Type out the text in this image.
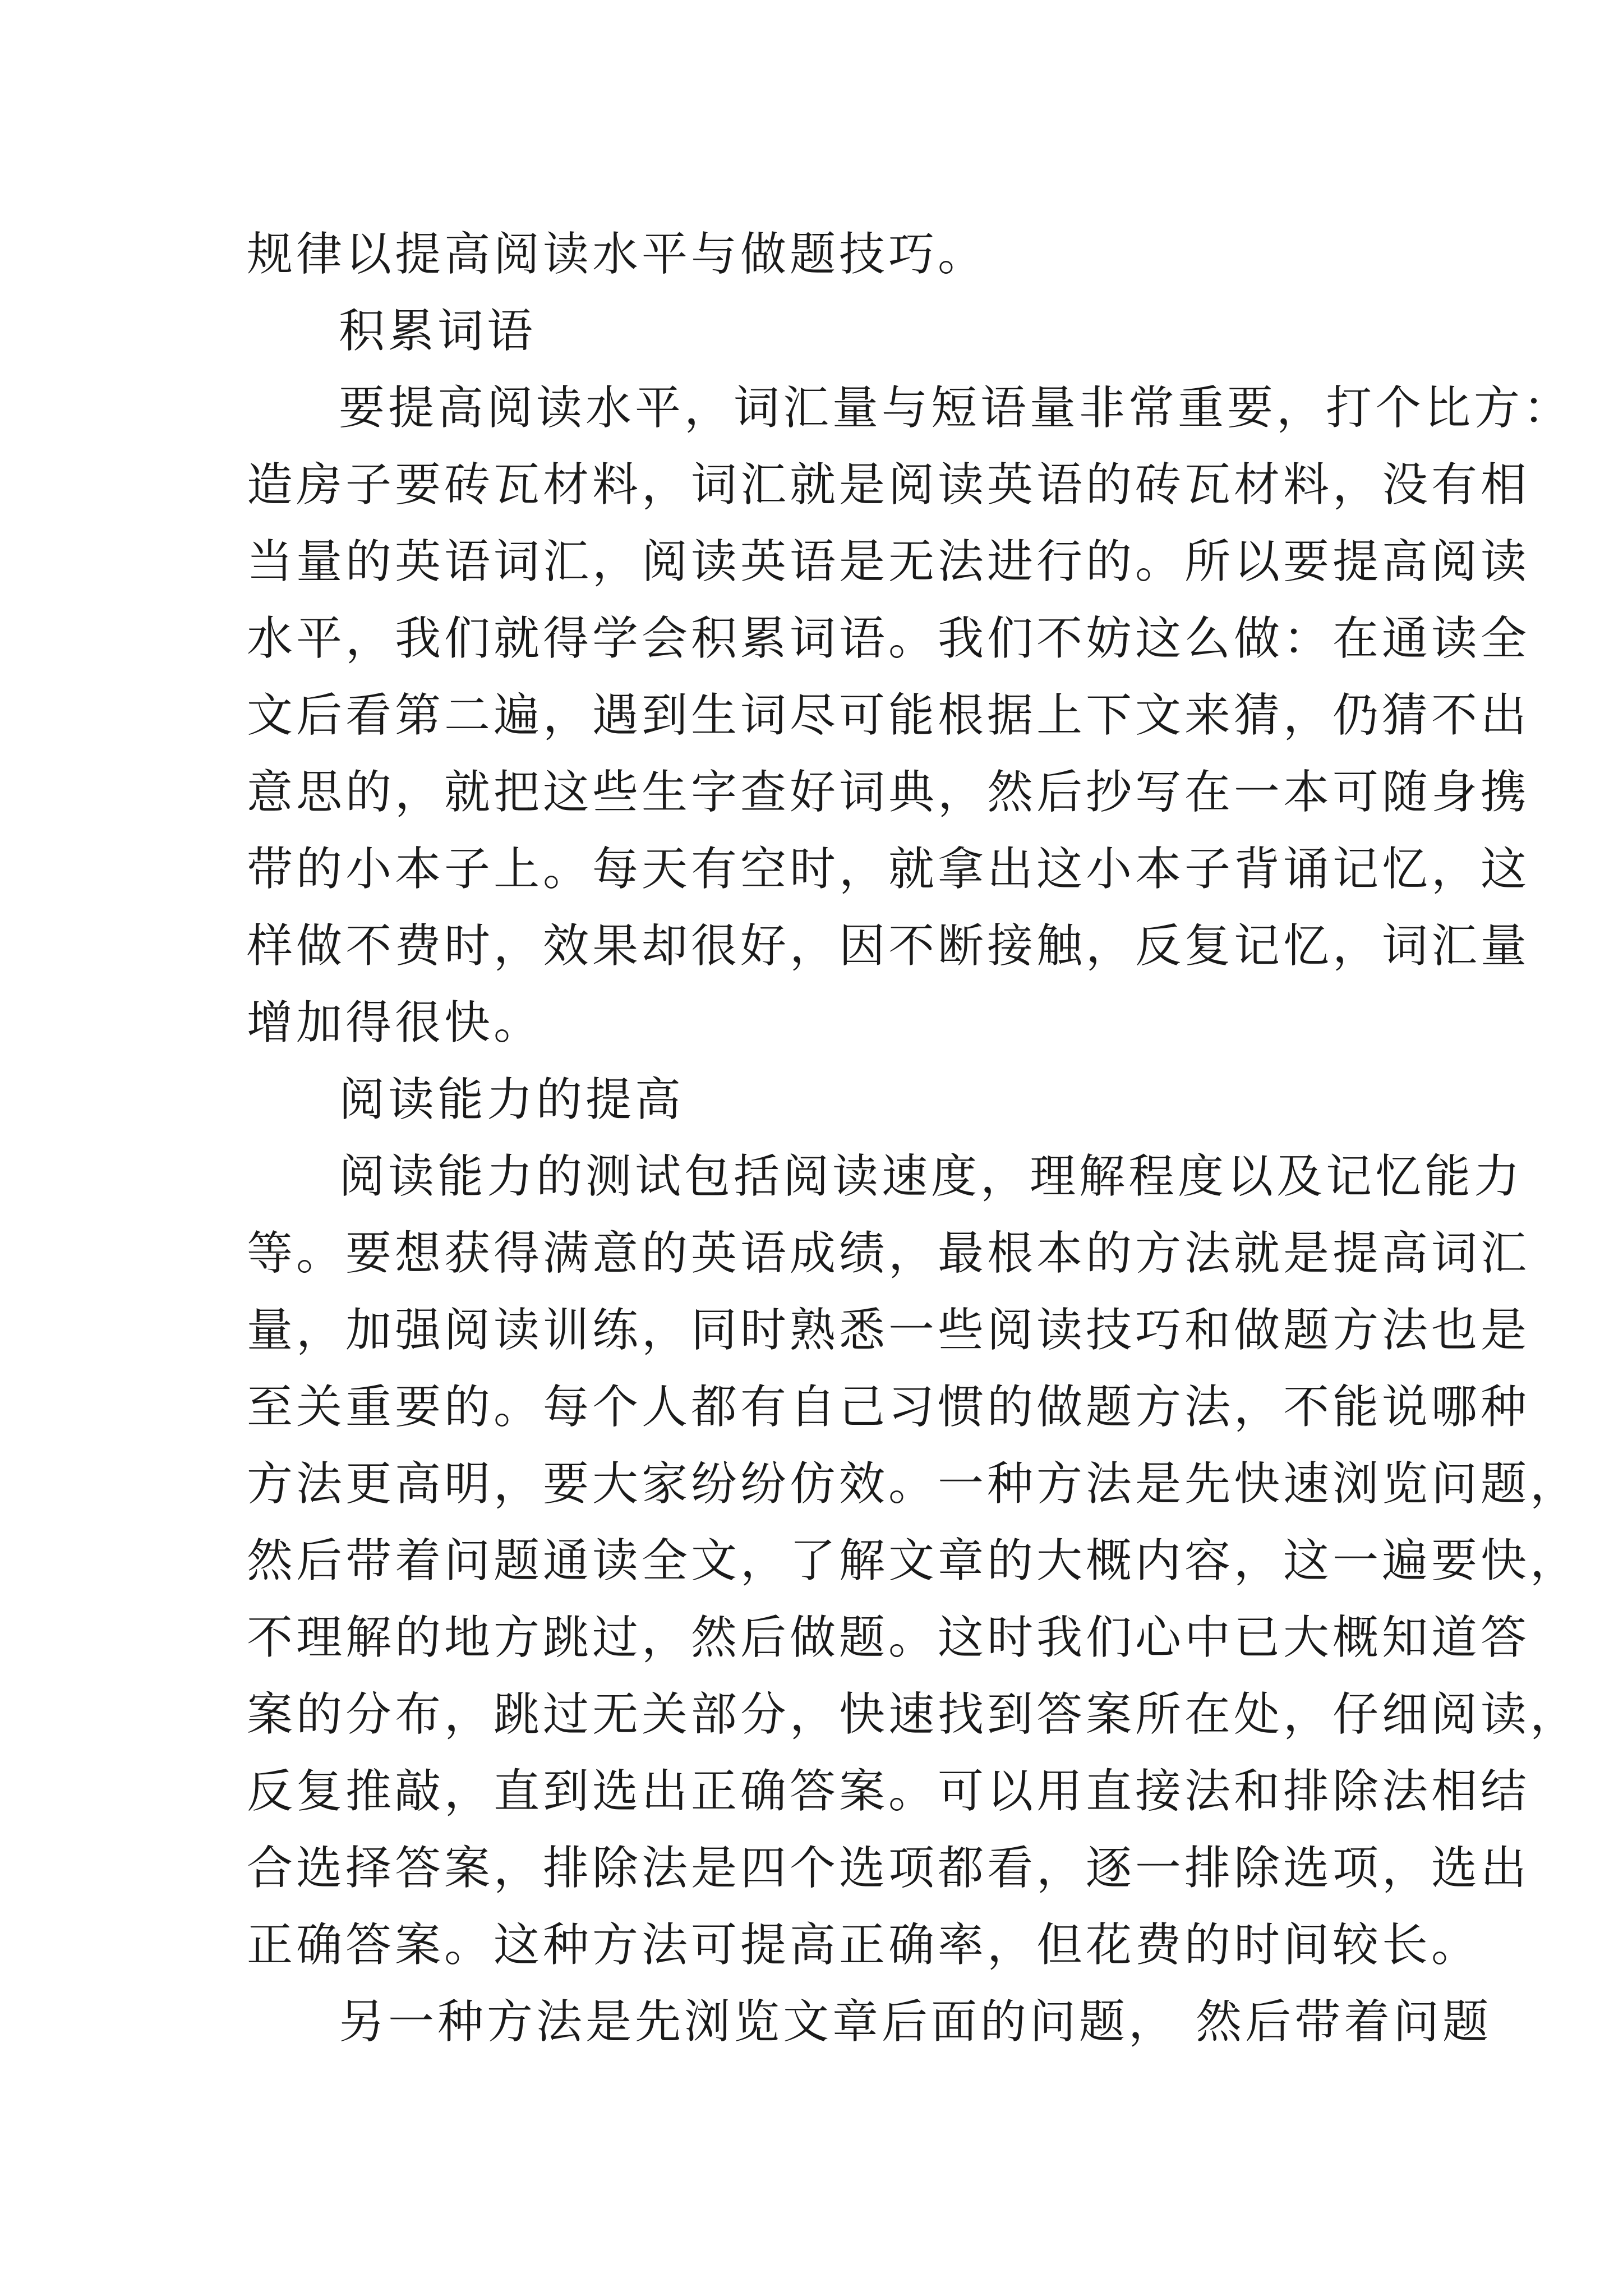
规律以提高阅读水平与做题技巧。
积累词语
要提高阅读水平，词汇量与短语量非常重要，打个比方：
造房子要砖瓦材料，词汇就是阅读英语的砖瓦材料，没有相
当量的英语词汇，阅读英语是无法进行的。所以要提高阅读
水平，我们就得学会积累词语。我们不妨这么做：在通读全
文后看第二遍，遇到生词尽可能根据上下文来猜，仍猜不出
意思的，就把这些生字查好词典，然后抄写在一本可随身携
带的小本子上。每天有空时，就拿出这小本子背诵记忆，这
样做不费时，效果却很好，因不断接触，反复记忆，词汇量
增加得很快。
阅读能力的提高
阅读能力的测试包括阅读速度，理解程度以及记忆能力
等。要想获得满意的英语成绩，最根本的方法就是提高词汇
量，加强阅读训练，同时熟悉一些阅读技巧和做题方法也是
至关重要的。每个人都有自己习惯的做题方法，不能说哪种
方法更高明，要大家纷纷仿效。一种方法是先快速浏览问题，
然后带着问题通读全文，了解文章的大概内容，这一遍要快，
不理解的地方跳过，然后做题。这时我们心中已大概知道答
案的分布，跳过无关部分，快速找到答案所在处，仔细阅读，
反复推敲，直到选出正确答案。可以用直接法和排除法相结
合选择答案，排除法是四个选项都看，逐一排除选项，选出
正确答案。这种方法可提高正确率，但花费的时间较长。
另一种方法是先浏览文章后面的问题， 然后带着问题
